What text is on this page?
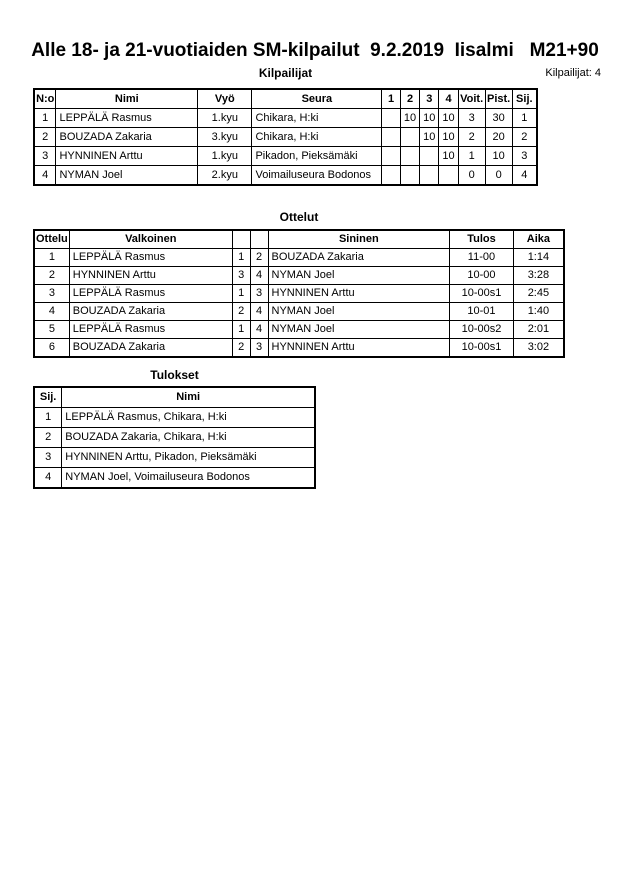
Alle 18- ja 21-vuotiaiden SM-kilpailut  9.2.2019  Iisalmi   M21+90
Kilpailijat: 4
Kilpailijat
N:o	Nimi	Vyö	Seura	1	2	3	4	Voit.	Pist.	Sij.
1	LEPPÄLÄ Rasmus	1.kyu	Chikara, H:ki		10	10	10	3	30	1
2	BOUZADA Zakaria	3.kyu	Chikara, H:ki			10	10	2	20	2
3	HYNNINEN Arttu	1.kyu	Pikadon, Pieksämäki				10	1	10	3
4	NYMAN Joel	2.kyu	Voimailuseura Bodonos					0	0	4
Ottelut
Ottelu	Valkoinen			Sininen	Tulos	Aika
1	LEPPÄLÄ Rasmus	1	2	BOUZADA Zakaria	11-00	1:14
2	HYNNINEN Arttu	3	4	NYMAN Joel	10-00	3:28
3	LEPPÄLÄ Rasmus	1	3	HYNNINEN Arttu	10-00s1	2:45
4	BOUZADA Zakaria	2	4	NYMAN Joel	10-01	1:40
5	LEPPÄLÄ Rasmus	1	4	NYMAN Joel	10-00s2	2:01
6	BOUZADA Zakaria	2	3	HYNNINEN Arttu	10-00s1	3:02
Tulokset
Sij.	Nimi
1	LEPPÄLÄ Rasmus, Chikara, H:ki
2	BOUZADA Zakaria, Chikara, H:ki
3	HYNNINEN Arttu, Pikadon, Pieksämäki
4	NYMAN Joel, Voimailuseura Bodonos
